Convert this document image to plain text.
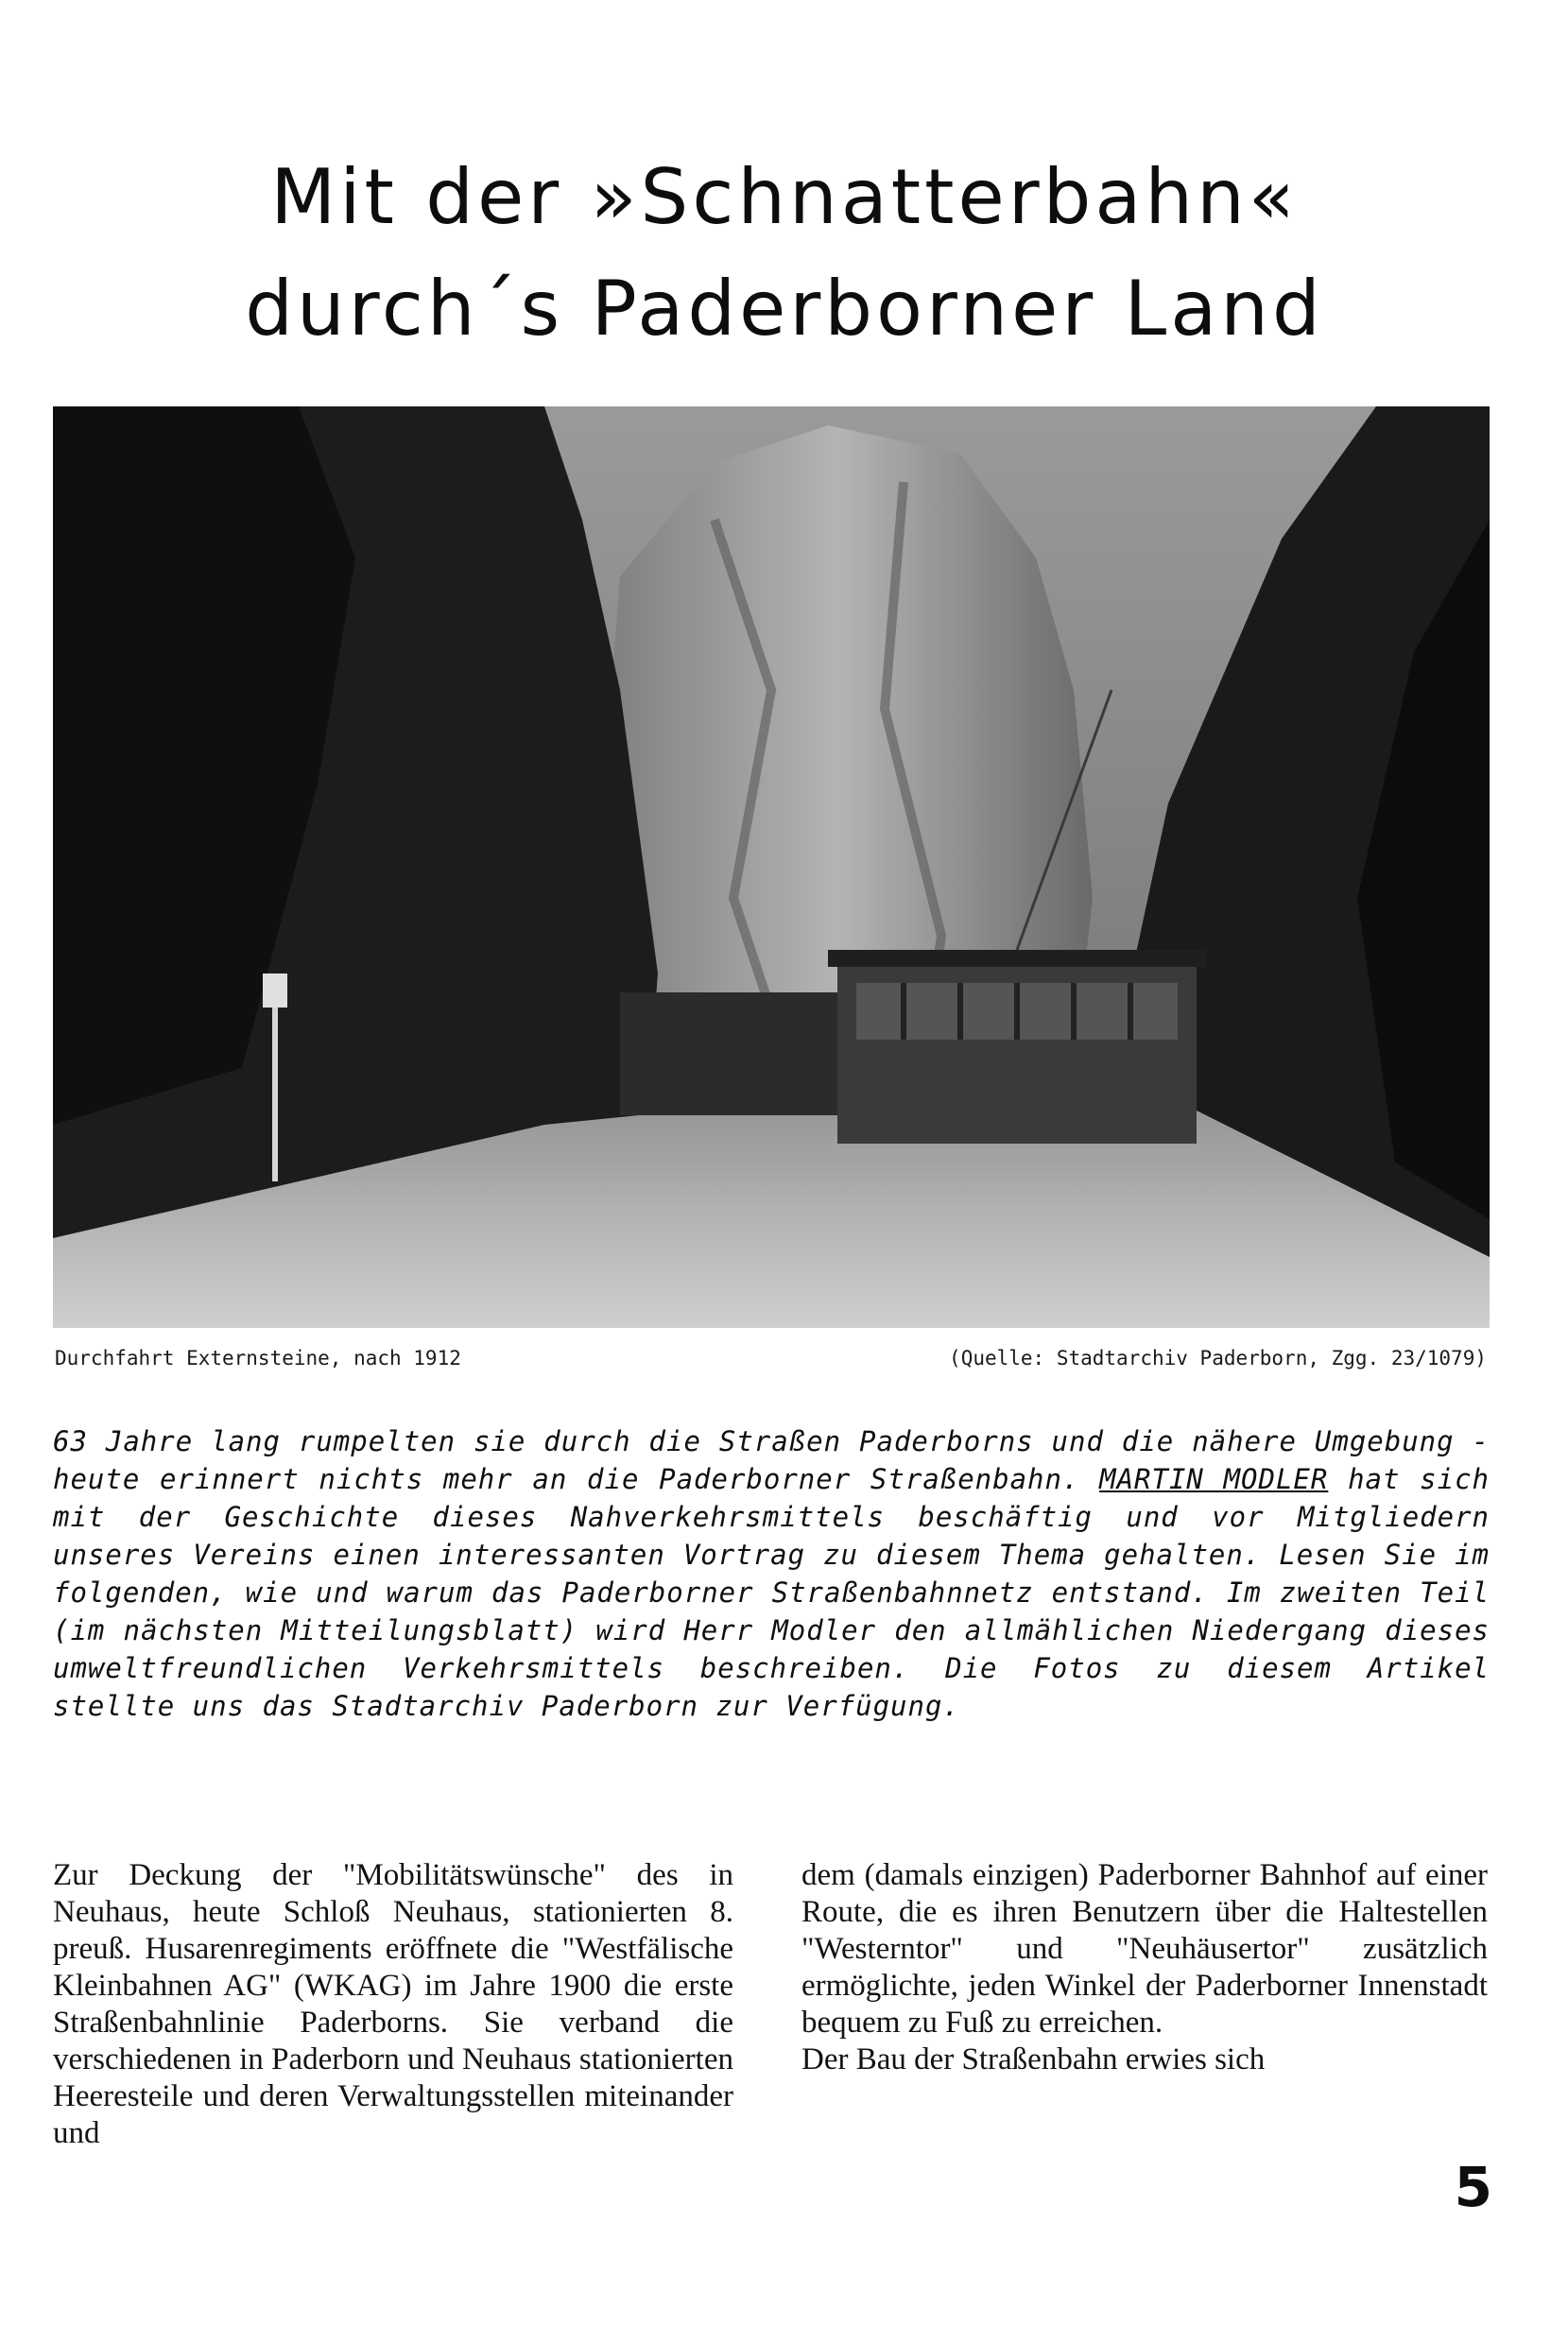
Mit der »Schnatterbahn«
durch´s Paderborner Land
Durchfahrt Externsteine, nach 1912	(Quelle: Stadtarchiv Paderborn, Zgg. 23/1079)

63 Jahre lang rumpelten sie durch die Straßen Paderborns und die nähere Umgebung - heute erinnert nichts mehr an die Paderborner Straßenbahn. MARTIN MODLER hat sich mit der Geschichte dieses Nahverkehrsmittels beschäftig und vor Mitgliedern unseres Vereins einen interessanten Vortrag zu diesem Thema gehalten. Lesen Sie im folgenden, wie und warum das Paderborner Straßenbahnnetz entstand. Im zweiten Teil (im nächsten Mitteilungsblatt) wird Herr Modler den allmählichen Niedergang dieses umweltfreundlichen Verkehrsmittels beschreiben. Die Fotos zu diesem Artikel stellte uns das Stadtarchiv Paderborn zur Verfügung.

Zur Deckung der "Mobilitätswünsche" des in Neuhaus, heute Schloß Neuhaus, stationierten 8. preuß. Husarenregiments eröffnete die "Westfälische Kleinbahnen AG" (WKAG) im Jahre 1900 die erste Straßenbahnlinie Paderborns. Sie verband die verschiedenen in Paderborn und Neuhaus stationierten Heeresteile und deren Verwaltungsstellen miteinander und

dem (damals einzigen) Paderborner Bahnhof auf einer Route, die es ihren Benutzern über die Haltestellen "Westerntor" und "Neuhäusertor" zusätzlich ermöglichte, jeden Winkel der Paderborner Innenstadt bequem zu Fuß zu erreichen.

Der Bau der Straßenbahn erwies sich

5
